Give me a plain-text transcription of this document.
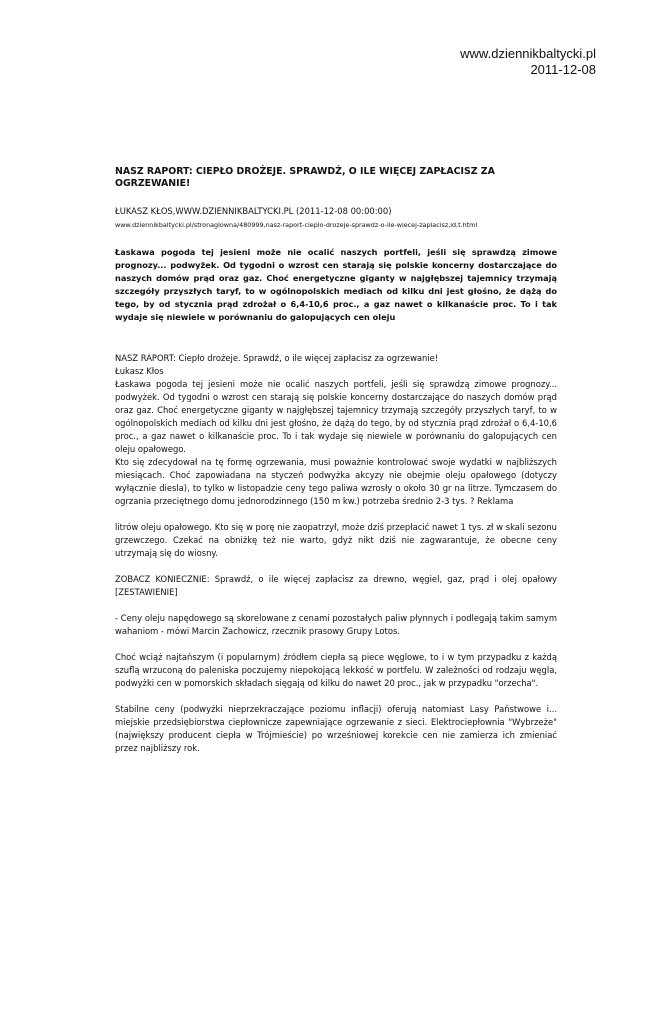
www.dziennikbaltycki.pl
2011-12-08
NASZ RAPORT: CIEPŁO DROŻEJE. SPRAWDŹ, O ILE WIĘCEJ ZAPŁACISZ ZA OGRZEWANIE!
ŁUKASZ KŁOS,WWW.DZIENNIKBALTYCKI.PL (2011-12-08 00:00:00)
www.dziennikbaltycki.pl/stronaglowna/480999,nasz-raport-cieplo-drozeje-sprawdz-o-ile-wiecej-zaplacisz,id,t.html
Łaskawa pogoda tej jesieni może nie ocalić naszych portfeli, jeśli się sprawdzą zimowe prognozy... podwyżek. Od tygodni o wzrost cen starają się polskie koncerny dostarczające do naszych domów prąd oraz gaz. Choć energetyczne giganty w najgłębszej tajemnicy trzymają szczegóły przyszłych taryf, to w ogólnopolskich mediach od kilku dni jest głośno, że dążą do tego, by od stycznia prąd zdrożał o 6,4-10,6 proc., a gaz nawet o kilkanaście proc. To i tak wydaje się niewiele w porównaniu do galopujących cen oleju

NASZ RAPORT: Ciepło drożeje. Sprawdź, o ile więcej zapłacisz za ogrzewanie!

Łukasz Kłos

Łaskawa pogoda tej jesieni może nie ocalić naszych portfeli, jeśli się sprawdzą zimowe prognozy... podwyżek. Od tygodni o wzrost cen starają się polskie koncerny dostarczające do naszych domów prąd oraz gaz. Choć energetyczne giganty w najgłębszej tajemnicy trzymają szczegóły przyszłych taryf, to w ogólnopolskich mediach od kilku dni jest głośno, że dążą do tego, by od stycznia prąd zdrożał o 6,4-10,6 proc., a gaz nawet o kilkanaście proc. To i tak wydaje się niewiele w porównaniu do galopujących cen oleju opałowego.

Kto się zdecydował na tę formę ogrzewania, musi poważnie kontrolować swoje wydatki w najbliższych miesiącach. Choć zapowiadana na styczeń podwyżka akcyzy nie obejmie oleju opałowego (dotyczy wyłącznie diesla), to tylko w listopadzie ceny tego paliwa wzrosły o około 30 gr na litrze. Tymczasem do ogrzania przeciętnego domu jednorodzinnego (150 m kw.) potrzeba średnio 2-3 tys. ? Reklama

litrów oleju opałowego. Kto się w porę nie zaopatrzył, może dziś przepłacić nawet 1 tys. zł w skali sezonu grzewczego. Czekać na obniżkę też nie warto, gdyż nikt dziś nie zagwarantuje, że obecne ceny utrzymają się do wiosny.

ZOBACZ KONIECZNIE: Sprawdź, o ile więcej zapłacisz za drewno, węgiel, gaz, prąd i olej opałowy [ZESTAWIENIE]

- Ceny oleju napędowego są skorelowane z cenami pozostałych paliw płynnych i podlegają takim samym wahaniom - mówi Marcin Zachowicz, rzecznik prasowy Grupy Lotos.

Choć wciąż najtańszym (i popularnym) źródłem ciepła są piece węglowe, to i w tym przypadku z każdą szuflą wrzuconą do paleniska poczujemy niepokojącą lekkość w portfelu. W zależności od rodzaju węgla, podwyżki cen w pomorskich składach sięgają od kilku do nawet 20 proc., jak w przypadku "orzecha".

Stabilne ceny (podwyżki nieprzekraczające poziomu inflacji) oferują natomiast Lasy Państwowe i... miejskie przedsiębiorstwa ciepłownicze zapewniające ogrzewanie z sieci. Elektrociepłownia "Wybrzeże" (największy producent ciepła w Trójmieście) po wrześniowej korekcie cen nie zamierza ich zmieniać przez najbliższy rok.
